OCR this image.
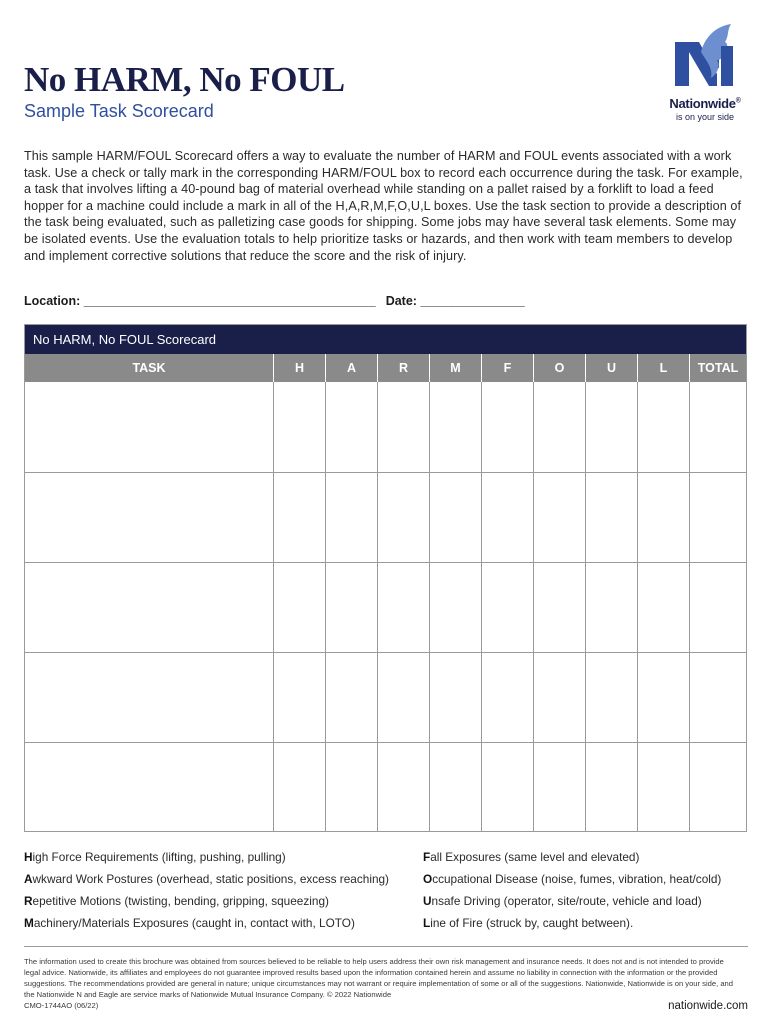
No HARM, No FOUL
Sample Task Scorecard	Nationwide®
is on your side
This sample HARM/FOUL Scorecard offers a way to evaluate the number of HARM and FOUL events associated with a work task. Use a check or tally mark in the corresponding HARM/FOUL box to record each occurrence during the task. For example, a task that involves lifting a 40-pound bag of material overhead while standing on a pallet raised by a forklift to load a feed hopper for a machine could include a mark in all of the H,A,R,M,F,O,U,L boxes. Use the task section to provide a description of the task being evaluated, such as palletizing case goods for shipping. Some jobs may have several task elements. Some may be isolated events. Use the evaluation totals to help prioritize tasks or hazards, and then work with team members to develop and implement corrective solutions that reduce the score and the risk of injury.
Location: __________________________________________ Date: _______________
No HARM, No FOUL Scorecard
TASK	H	A	R	M	F	O	U	L	TOTAL
High Force Requirements (lifting, pushing, pulling)
Awkward Work Postures (overhead, static positions, excess reaching)
Repetitive Motions (twisting, bending, gripping, squeezing)
Machinery/Materials Exposures (caught in, contact with, LOTO)
Fall Exposures (same level and elevated)
Occupational Disease (noise, fumes, vibration, heat/cold)
Unsafe Driving (operator, site/route, vehicle and load)
Line of Fire (struck by, caught between).
The information used to create this brochure was obtained from sources believed to be reliable to help users address their own risk management and insurance needs. It does not and is not intended to provide legal advice. Nationwide, its affiliates and employees do not guarantee improved results based upon the information contained herein and assume no liability in connection with the information or the provided suggestions. The recommendations provided are general in nature; unique circumstances may not warrant or require implementation of some or all of the suggestions. Nationwide, Nationwide is on your side, and the Nationwide N and Eagle are service marks of Nationwide Mutual Insurance Company. © 2022 Nationwide
CMO-1744AO (06/22)	nationwide.com
